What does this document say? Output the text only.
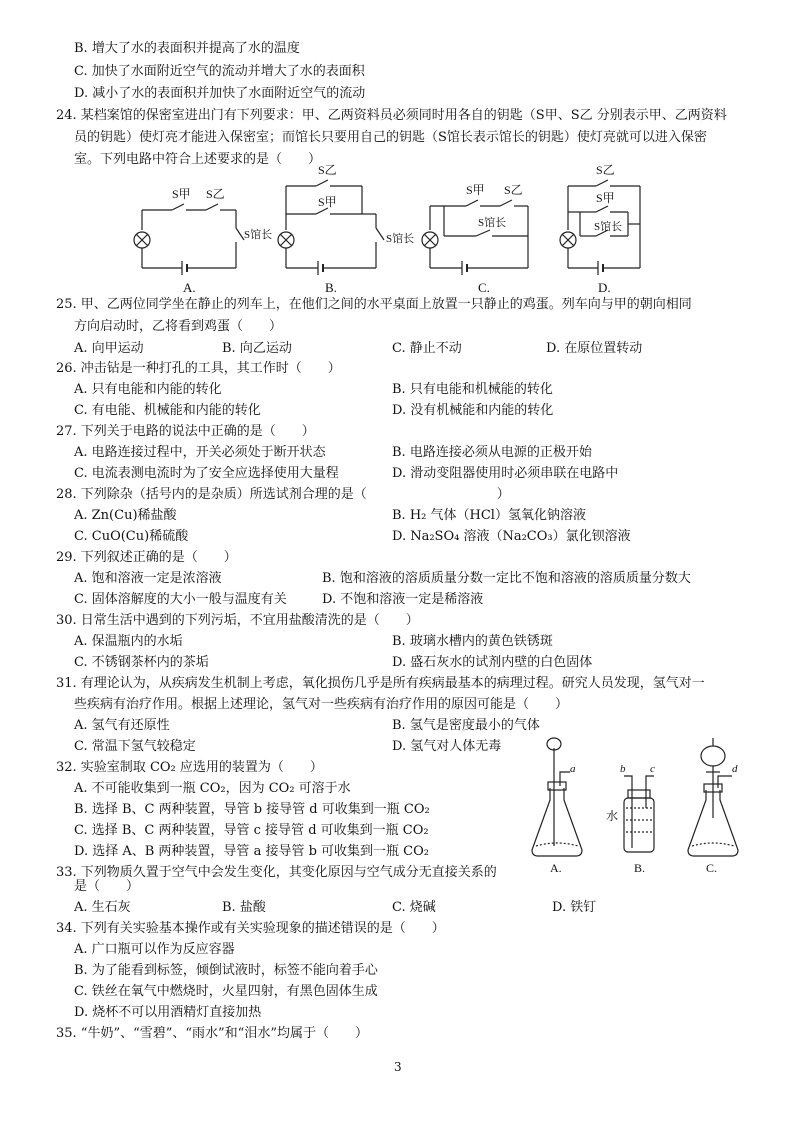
B. 增大了水的表面积并提高了水的温度
C. 加快了水面附近空气的流动并增大了水的表面积
D. 减小了水的表面积并加快了水面附近空气的流动
24. 某档案馆的保密室进出门有下列要求：甲、乙两资料员必须同时用各自的钥匙（S甲、S乙 分别表示甲、乙两资料
员的钥匙）使灯亮才能进入保密室；而馆长只要用自己的钥匙（S馆长表示馆长的钥匙）使灯亮就可以进入保密
室。下列电路中符合上述要求的是（　　）
S甲 S乙
S馆长
A.
S乙
S甲
S馆长
B.
S甲 S乙
S馆长
C.
S乙
S甲
S馆长
D.
25. 甲、乙两位同学坐在静止的列车上，在他们之间的水平桌面上放置一只静止的鸡蛋。列车向与甲的朝向相同
方向启动时，乙将看到鸡蛋（　　）
A. 向甲运动	B. 向乙运动	C. 静止不动	D. 在原位置转动
26. 冲击钻是一种打孔的工具，其工作时（　　）
A. 只有电能和内能的转化	B. 只有电能和机械能的转化
C. 有电能、机械能和内能的转化	D. 没有机械能和内能的转化
27. 下列关于电路的说法中正确的是（　　）
A. 电路连接过程中，开关必须处于断开状态	B. 电路连接必须从电源的正极开始
C. 电流表测电流时为了安全应选择使用大量程	D. 滑动变阻器使用时必须串联在电路中
28. 下列除杂（括号内的是杂质）所选试剂合理的是（　　　　　　　　　　）
A. Zn(Cu)稀盐酸	B. H₂ 气体（HCl）氢氧化钠溶液
C. CuO(Cu)稀硫酸	D. Na₂SO₄ 溶液（Na₂CO₃）氯化钡溶液
29. 下列叙述正确的是（　　）
A. 饱和溶液一定是浓溶液	B. 饱和溶液的溶质质量分数一定比不饱和溶液的溶质质量分数大
C. 固体溶解度的大小一般与温度有关	D. 不饱和溶液一定是稀溶液
30. 日常生活中遇到的下列污垢，不宜用盐酸清洗的是（　　）
A. 保温瓶内的水垢	B. 玻璃水槽内的黄色铁锈斑
C. 不锈钢茶杯内的茶垢	D. 盛石灰水的试剂内壁的白色固体
31. 有理论认为，从疾病发生机制上考虑，氧化损伤几乎是所有疾病最基本的病理过程。研究人员发现，氢气对一
些疾病有治疗作用。根据上述理论，氢气对一些疾病有治疗作用的原因可能是（　　）
A. 氢气有还原性	B. 氢气是密度最小的气体
C. 常温下氢气较稳定	D. 氢气对人体无毒
32. 实验室制取 CO₂ 应选用的装置为（　　）
A. 不可能收集到一瓶 CO₂，因为 CO₂ 可溶于水
B. 选择 B、C 两种装置，导管 b 接导管 d 可收集到一瓶 CO₂
C. 选择 B、C 两种装置，导管 c 接导管 d 可收集到一瓶 CO₂
D. 选择 A、B 两种装置，导管 a 接导管 b 可收集到一瓶 CO₂
a
A.
b c
水
B.
d
C.
33. 下列物质久置于空气中会发生变化，其变化原因与空气成分无直接关系的
是（　　）
A. 生石灰	B. 盐酸	C. 烧碱	D. 铁钉
34. 下列有关实验基本操作或有关实验现象的描述错误的是（　　）
A. 广口瓶可以作为反应容器
B. 为了能看到标签，倾倒试液时，标签不能向着手心
C. 铁丝在氧气中燃烧时，火星四射，有黑色固体生成
D. 烧杯不可以用酒精灯直接加热
35. “牛奶”、“雪碧”、“雨水”和“泪水”均属于（　　）
3
